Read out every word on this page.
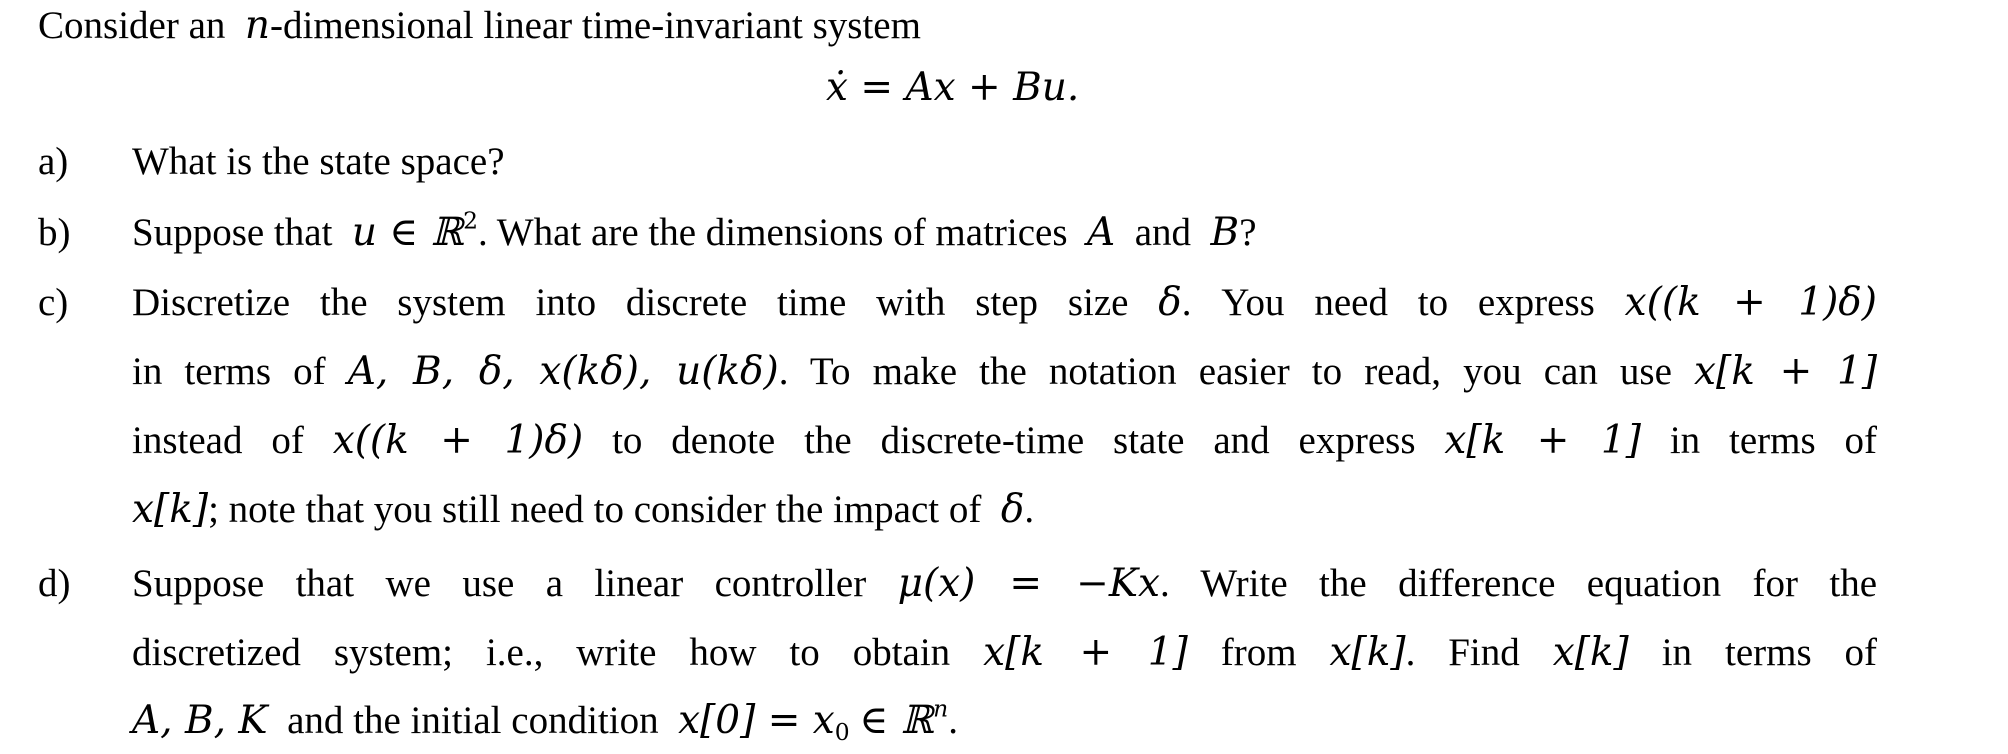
Consider an n-dimensional linear time-invariant system
ẋ = Ax + Bu.
a) What is the state space?
b) Suppose that u ∈ ℝ$^2$. What are the dimensions of matrices A and B?
c) Discretize the system into discrete time with step size δ. You need to express x((k + 1)δ)
in terms of A, B, δ, x(kδ), u(kδ). To make the notation easier to read, you can use x[k + 1]
instead of x((k + 1)δ) to denote the discrete-time state and express x[k + 1] in terms of
x[k]; note that you still need to consider the impact of δ.
d) Suppose that we use a linear controller μ(x) = −Kx. Write the difference equation for the
discretized system; i.e., write how to obtain x[k + 1] from x[k]. Find x[k] in terms of
A, B, K and the initial condition $x[0] = x_0$ ∈ ℝ$^n$.
